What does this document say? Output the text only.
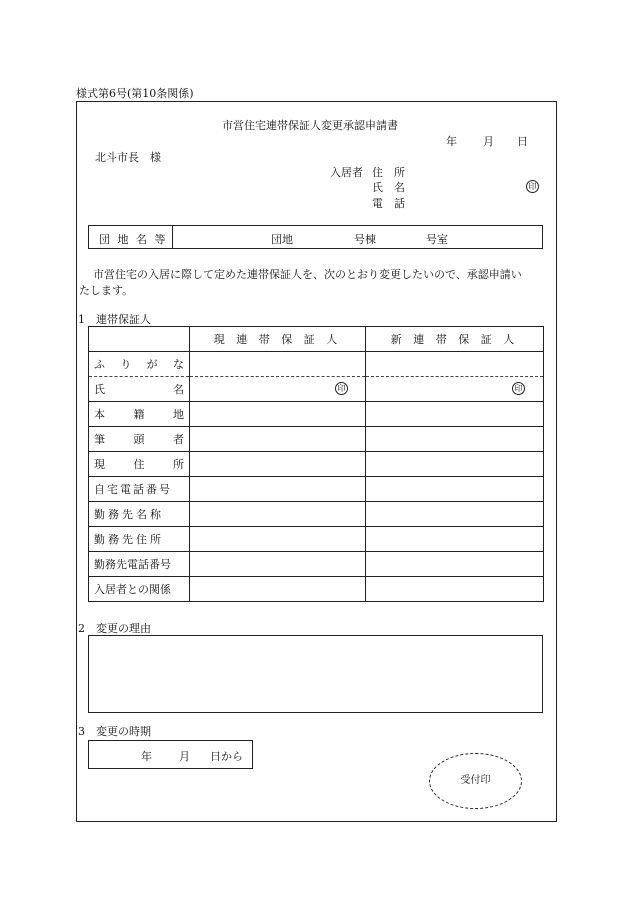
様式第6号(第10条関係)
市営住宅連帯保証人変更承認申請書
年 月 日
北斗市長　様
入居者 住　所
氏　名	印
電　話
団 地 名 等	団地	号棟	号室
市営住宅の入居に際して定めた連帯保証人を、次のとおり変更したいので、承認申請い
たします。
1　連帯保証人
	現 連 帯 保 証 人	新 連 帯 保 証 人

ふ り が な		

氏 名	印	印

本 籍 地		

筆 頭 者		

現 住 所		

自宅電話番号		
勤務先名称		
勤務先住所		
勤務先電話番号		
入居者との関係		
2　変更の理由
3　変更の時期
年 月 日から
受付印
